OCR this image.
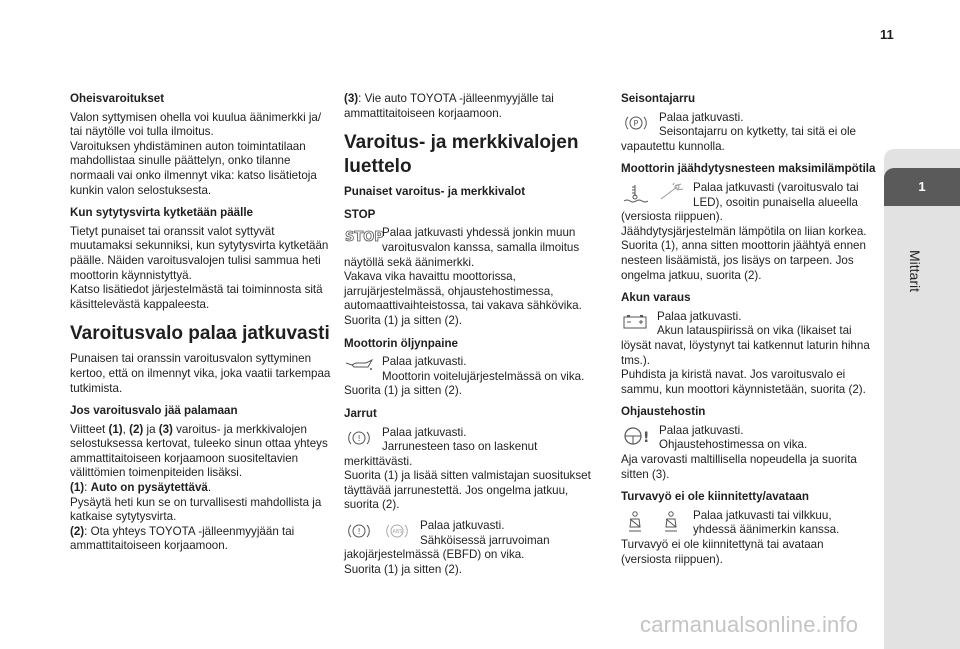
11
1
Mittarit
Oheisvaroitukset

Valon syttymisen ohella voi kuulua äänimerkki ja/ tai näytölle voi tulla ilmoitus.
Varoituksen yhdistäminen auton toimintatilaan mahdollistaa sinulle päättelyn, onko tilanne normaali vai onko ilmennyt vika: katso lisätietoja kunkin valon selostuksesta.

Kun sytytysvirta kytketään päälle

Tietyt punaiset tai oranssit valot syttyvät muutamaksi sekunniksi, kun sytytysvirta kytketään päälle. Näiden varoitusvalojen tulisi sammua heti moottorin käynnistyttyä.
Katso lisätiedot järjestelmästä tai toiminnosta sitä käsittelevästä kappaleesta.

Varoitusvalo palaa jatkuvasti

Punaisen tai oranssin varoitusvalon syttyminen kertoo, että on ilmennyt vika, joka vaatii tarkempaa tutkimista.

Jos varoitusvalo jää palamaan

Viitteet (1), (2) ja (3) varoitus- ja merkkivalojen selostuksessa kertovat, tuleeko sinun ottaa yhteys ammattitaitoiseen korjaamoon suositeltavien välittömien toimenpiteiden lisäksi.
(1): Auto on pysäytettävä.
Pysäytä heti kun se on turvallisesti mahdollista ja katkaise sytytysvirta.
(2): Ota yhteys TOYOTA -jälleenmyyjään tai ammattitaitoiseen korjaamoon.

(3): Vie auto TOYOTA -jälleenmyyjälle tai ammattitaitoiseen korjaamoon.

Varoitus- ja merkkivalojen luettelo
Punaiset varoitus- ja merkkivalot
STOP
STOP

Palaa jatkuvasti yhdessä jonkin muun varoitusvalon kanssa, samalla ilmoitus näytöllä sekä äänimerkki.
Vakava vika havaittu moottorissa, jarrujärjestelmässä, ohjaustehostimessa, automaattivaihteistossa, tai vakava sähkövika.
Suorita (1) ja sitten (2).

Moottorin öljynpaine

Palaa jatkuvasti.
Moottorin voitelujärjestelmässä on vika.
Suorita (1) ja sitten (2).

Jarrut
!	Palaa jatkuvasti.
Jarrunesteen taso on laskenut merkittävästi.
Suorita (1) ja lisää sitten valmistajan suositukset täyttävää jarrunestettä. Jos ongelma jatkuu, suorita (2).

!	ABS	Palaa jatkuvasti.
Sähköisessä jarruvoiman jakojärjestelmässä (EBFD) on vika.
Suorita (1) ja sitten (2).

Seisontajarru
P	Palaa jatkuvasti.
Seisontajarru on kytketty, tai sitä ei ole vapautettu kunnolla.

Moottorin jäähdytysnesteen maksimilämpötila

Palaa jatkuvasti (varoitusvalo tai LED), osoitin punaisella alueella (versiosta riippuen).
Jäähdytysjärjestelmän lämpötila on liian korkea.
Suorita (1), anna sitten moottorin jäähtyä ennen nesteen lisäämistä, jos lisäys on tarpeen. Jos ongelma jatkuu, suorita (2).

Akun varaus

Palaa jatkuvasti.
Akun latauspiirissä on vika (likaiset tai löysät navat, löystynyt tai katkennut laturin hihna tms.).
Puhdista ja kiristä navat. Jos varoitusvalo ei sammu, kun moottori käynnistetään, suorita (2).

Ohjaustehostin
! Palaa jatkuvasti.
Ohjaustehostimessa on vika.
Aja varovasti maltillisella nopeudella ja suorita sitten (3).

Turvavyö ei ole kiinnitetty/avataan

Palaa jatkuvasti tai vilkkuu, yhdessä äänimerkin kanssa.
Turvavyö ei ole kiinnitettynä tai avataan (versiosta riippuen).

carmanualsonline.info
